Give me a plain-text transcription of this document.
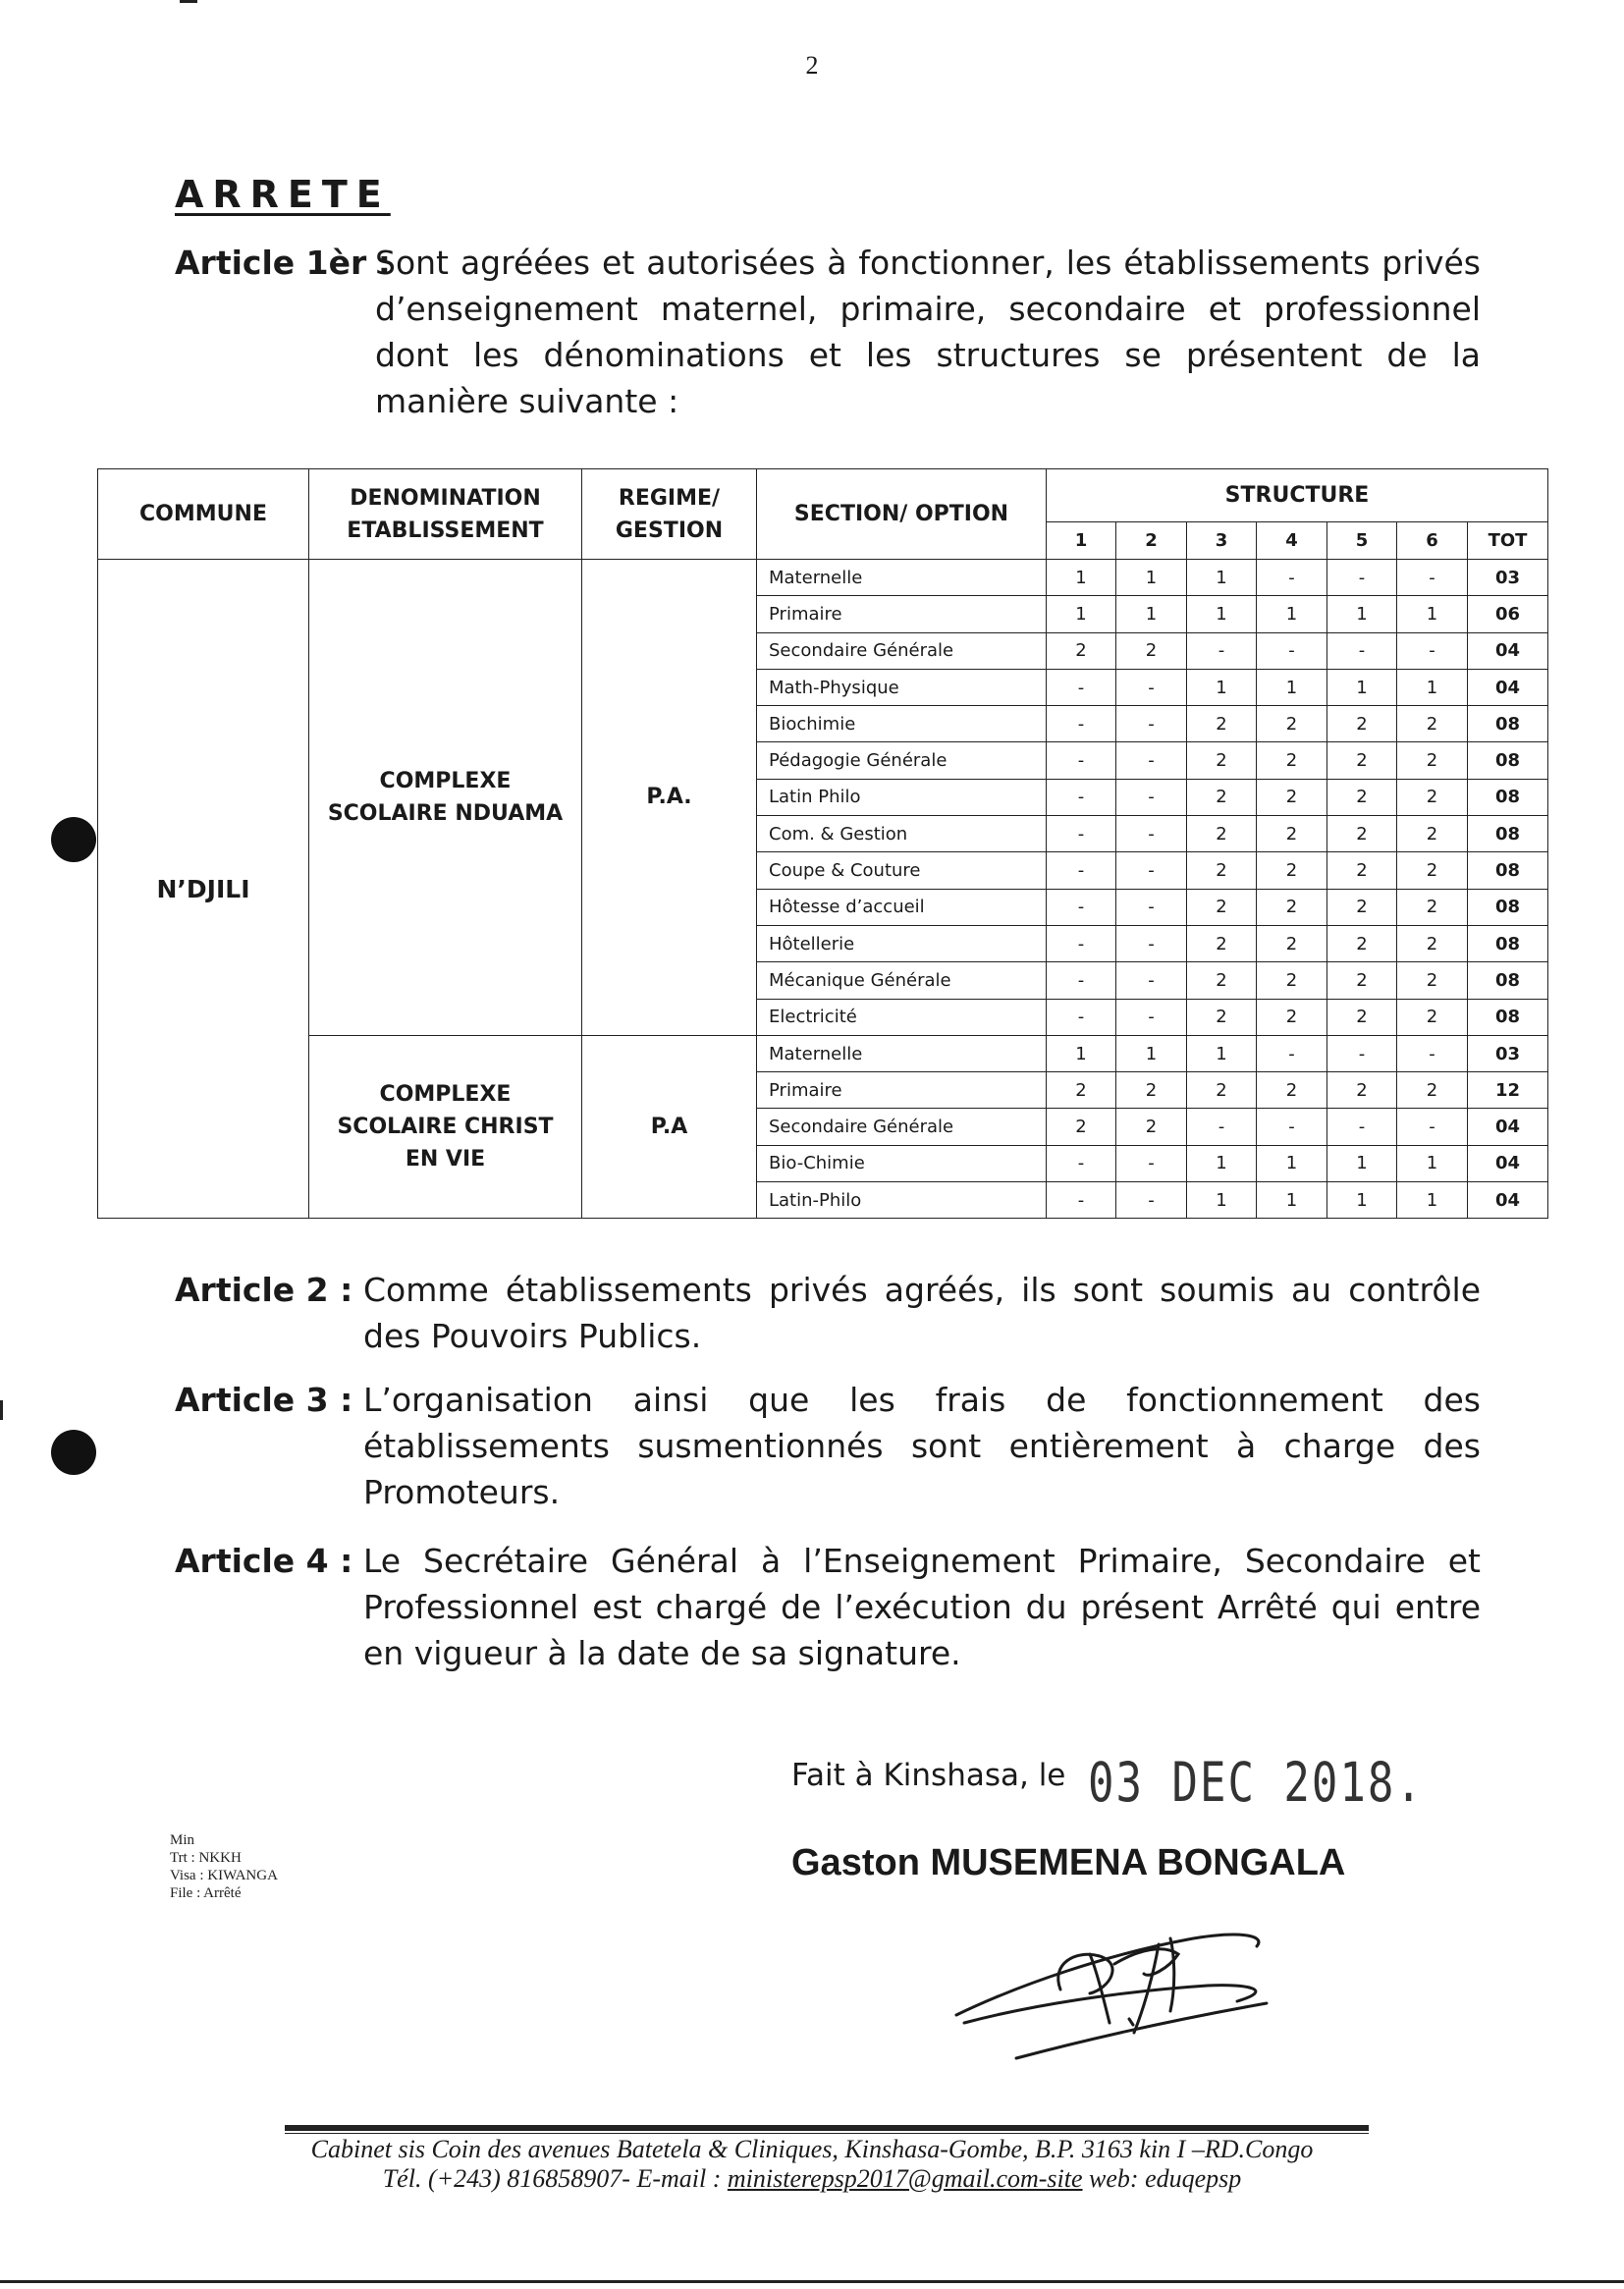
2
ARRETE
Article 1èr :
Sont agréées et autorisées à fonctionner, les établissements privés d’enseignement maternel, primaire, secondaire et professionnel dont les dénominations et les structures se présentent de la manière suivante :
COMMUNE	DENOMINATION ETABLISSEMENT	REGIME/ GESTION	SECTION/ OPTION	STRUCTURE						
				1	2	3	4	5	6	TOT
N’DJILI	COMPLEXE SCOLAIRE NDUAMA	P.A.	Maternelle	1	1	1	-	-	-	03
			Primaire	1	1	1	1	1	1	06
			Secondaire Générale	2	2	-	-	-	-	04
			Math-Physique	-	-	1	1	1	1	04
			Biochimie	-	-	2	2	2	2	08
			Pédagogie Générale	-	-	2	2	2	2	08
			Latin Philo	-	-	2	2	2	2	08
			Com. & Gestion	-	-	2	2	2	2	08
			Coupe & Couture	-	-	2	2	2	2	08
			Hôtesse d’accueil	-	-	2	2	2	2	08
			Hôtellerie	-	-	2	2	2	2	08
			Mécanique Générale	-	-	2	2	2	2	08
			Electricité	-	-	2	2	2	2	08
	COMPLEXE SCOLAIRE CHRIST EN VIE	P.A	Maternelle	1	1	1	-	-	-	03
			Primaire	2	2	2	2	2	2	12
			Secondaire Générale	2	2	-	-	-	-	04
			Bio-Chimie	-	-	1	1	1	1	04
			Latin-Philo	-	-	1	1	1	1	04
Article 2 : Comme établissements privés agréés, ils sont soumis au contrôle des Pouvoirs Publics.
Article 3 : L’organisation ainsi que les frais de fonctionnement des établissements susmentionnés sont entièrement à charge des Promoteurs.
Article 4 : Le Secrétaire Général à l’Enseignement Primaire, Secondaire et Professionnel est chargé de l’exécution du présent Arrêté qui entre en vigueur à la date de sa signature.
Min
Trt : NKKH
Visa : KIWANGA
File : Arrêté
Fait à Kinshasa, le 03 DEC 2018.
Gaston MUSEMENA BONGALA
Cabinet sis Coin des avenues Batetela & Cliniques, Kinshasa-Gombe, B.P. 3163 kin I –RD.Congo
Tél. (+243) 816858907- E-mail : ministerepsp2017@gmail.com-site web: eduqepsp
